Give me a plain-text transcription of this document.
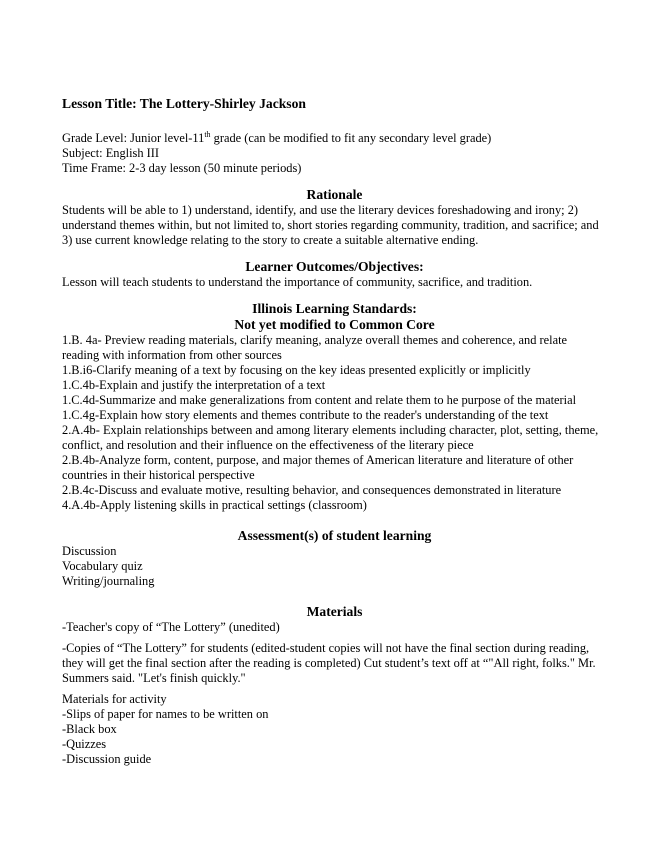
Lesson Title: The Lottery-Shirley Jackson

Grade Level: Junior level-11th grade (can be modified to fit any secondary level grade)

Subject: English III

Time Frame: 2-3 day lesson (50 minute periods)

Rationale

Students will be able to 1) understand, identify, and use the literary devices foreshadowing and irony; 2) understand themes within, but not limited to, short stories regarding community, tradition, and sacrifice; and 3) use current knowledge relating to the story to create a suitable alternative ending.

Learner Outcomes/Objectives:

Lesson will teach students to understand the importance of community, sacrifice, and tradition.

Illinois Learning Standards:

Not yet modified to Common Core

1.B. 4a- Preview reading materials, clarify meaning, analyze overall themes and coherence, and relate reading with information from other sources

1.B.i6-Clarify meaning of a text by focusing on the key ideas presented explicitly or implicitly

1.C.4b-Explain and justify the interpretation of a text

1.C.4d-Summarize and make generalizations from content and relate them to he purpose of the material

1.C.4g-Explain how story elements and themes contribute to the reader's understanding of the text

2.A.4b- Explain relationships between and among literary elements including character, plot, setting, theme, conflict, and resolution and their influence on the effectiveness of the literary piece

2.B.4b-Analyze form, content, purpose, and major themes of American literature and literature of other countries in their historical perspective

2.B.4c-Discuss and evaluate motive, resulting behavior, and consequences demonstrated in literature

4.A.4b-Apply listening skills in practical settings (classroom)

Assessment(s) of student learning

Discussion

Vocabulary quiz

Writing/journaling

Materials

-Teacher's copy of “The Lottery” (unedited)

-Copies of “The Lottery” for students (edited-student copies will not have the final section during reading, they will get the final section after the reading is completed) Cut student’s text off at “"All right, folks." Mr. Summers said. "Let's finish quickly."

Materials for activity

-Slips of paper for names to be written on

-Black box

-Quizzes

-Discussion guide
